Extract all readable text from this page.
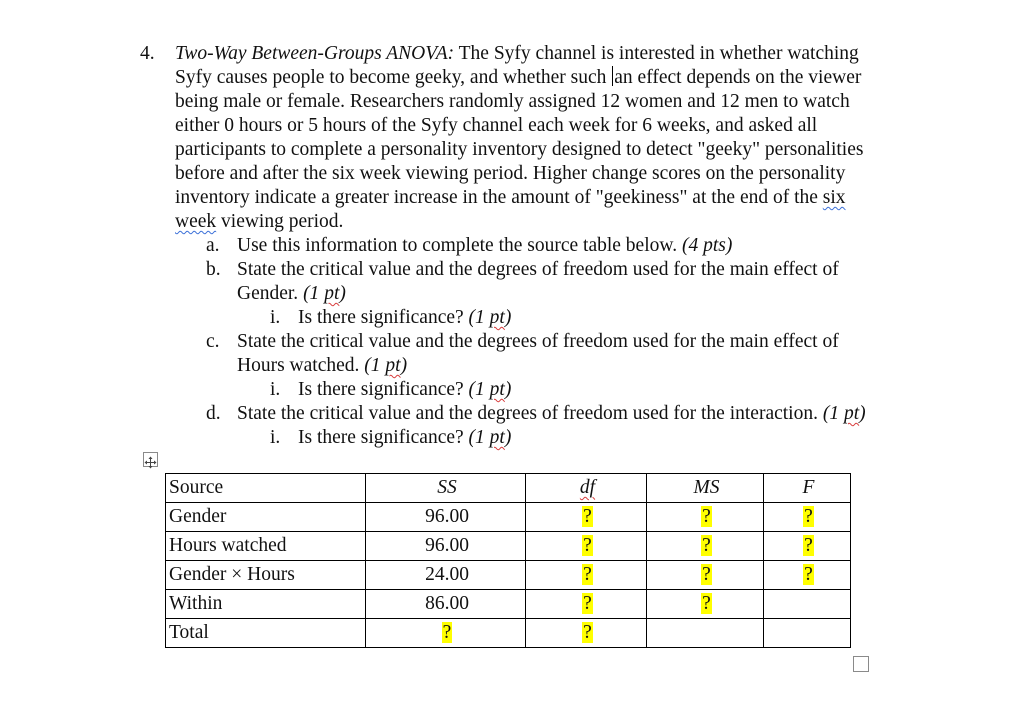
4. Two-Way Between-Groups ANOVA: The Syfy channel is interested in whether watching
Syfy causes people to become geeky, and whether such an effect depends on the viewer
being male or female. Researchers randomly assigned 12 women and 12 men to watch
either 0 hours or 5 hours of the Syfy channel each week for 6 weeks, and asked all
participants to complete a personality inventory designed to detect "geeky" personalities
before and after the six week viewing period. Higher change scores on the personality
inventory indicate a greater increase in the amount of "geekiness" at the end of the six
week viewing period.
a. Use this information to complete the source table below. (4 pts)
b. State the critical value and the degrees of freedom used for the main effect of
Gender. (1 pt)
i. Is there significance? (1 pt)
c. State the critical value and the degrees of freedom used for the main effect of
Hours watched. (1 pt)
i. Is there significance? (1 pt)
d. State the critical value and the degrees of freedom used for the interaction. (1 pt)
i. Is there significance? (1 pt)
Source	SS	df	MS	F
Gender	96.00	?	?	?
Hours watched	96.00	?	?	?
Gender × Hours	24.00	?	?	?
Within	86.00	?	?	
Total	?	?		
